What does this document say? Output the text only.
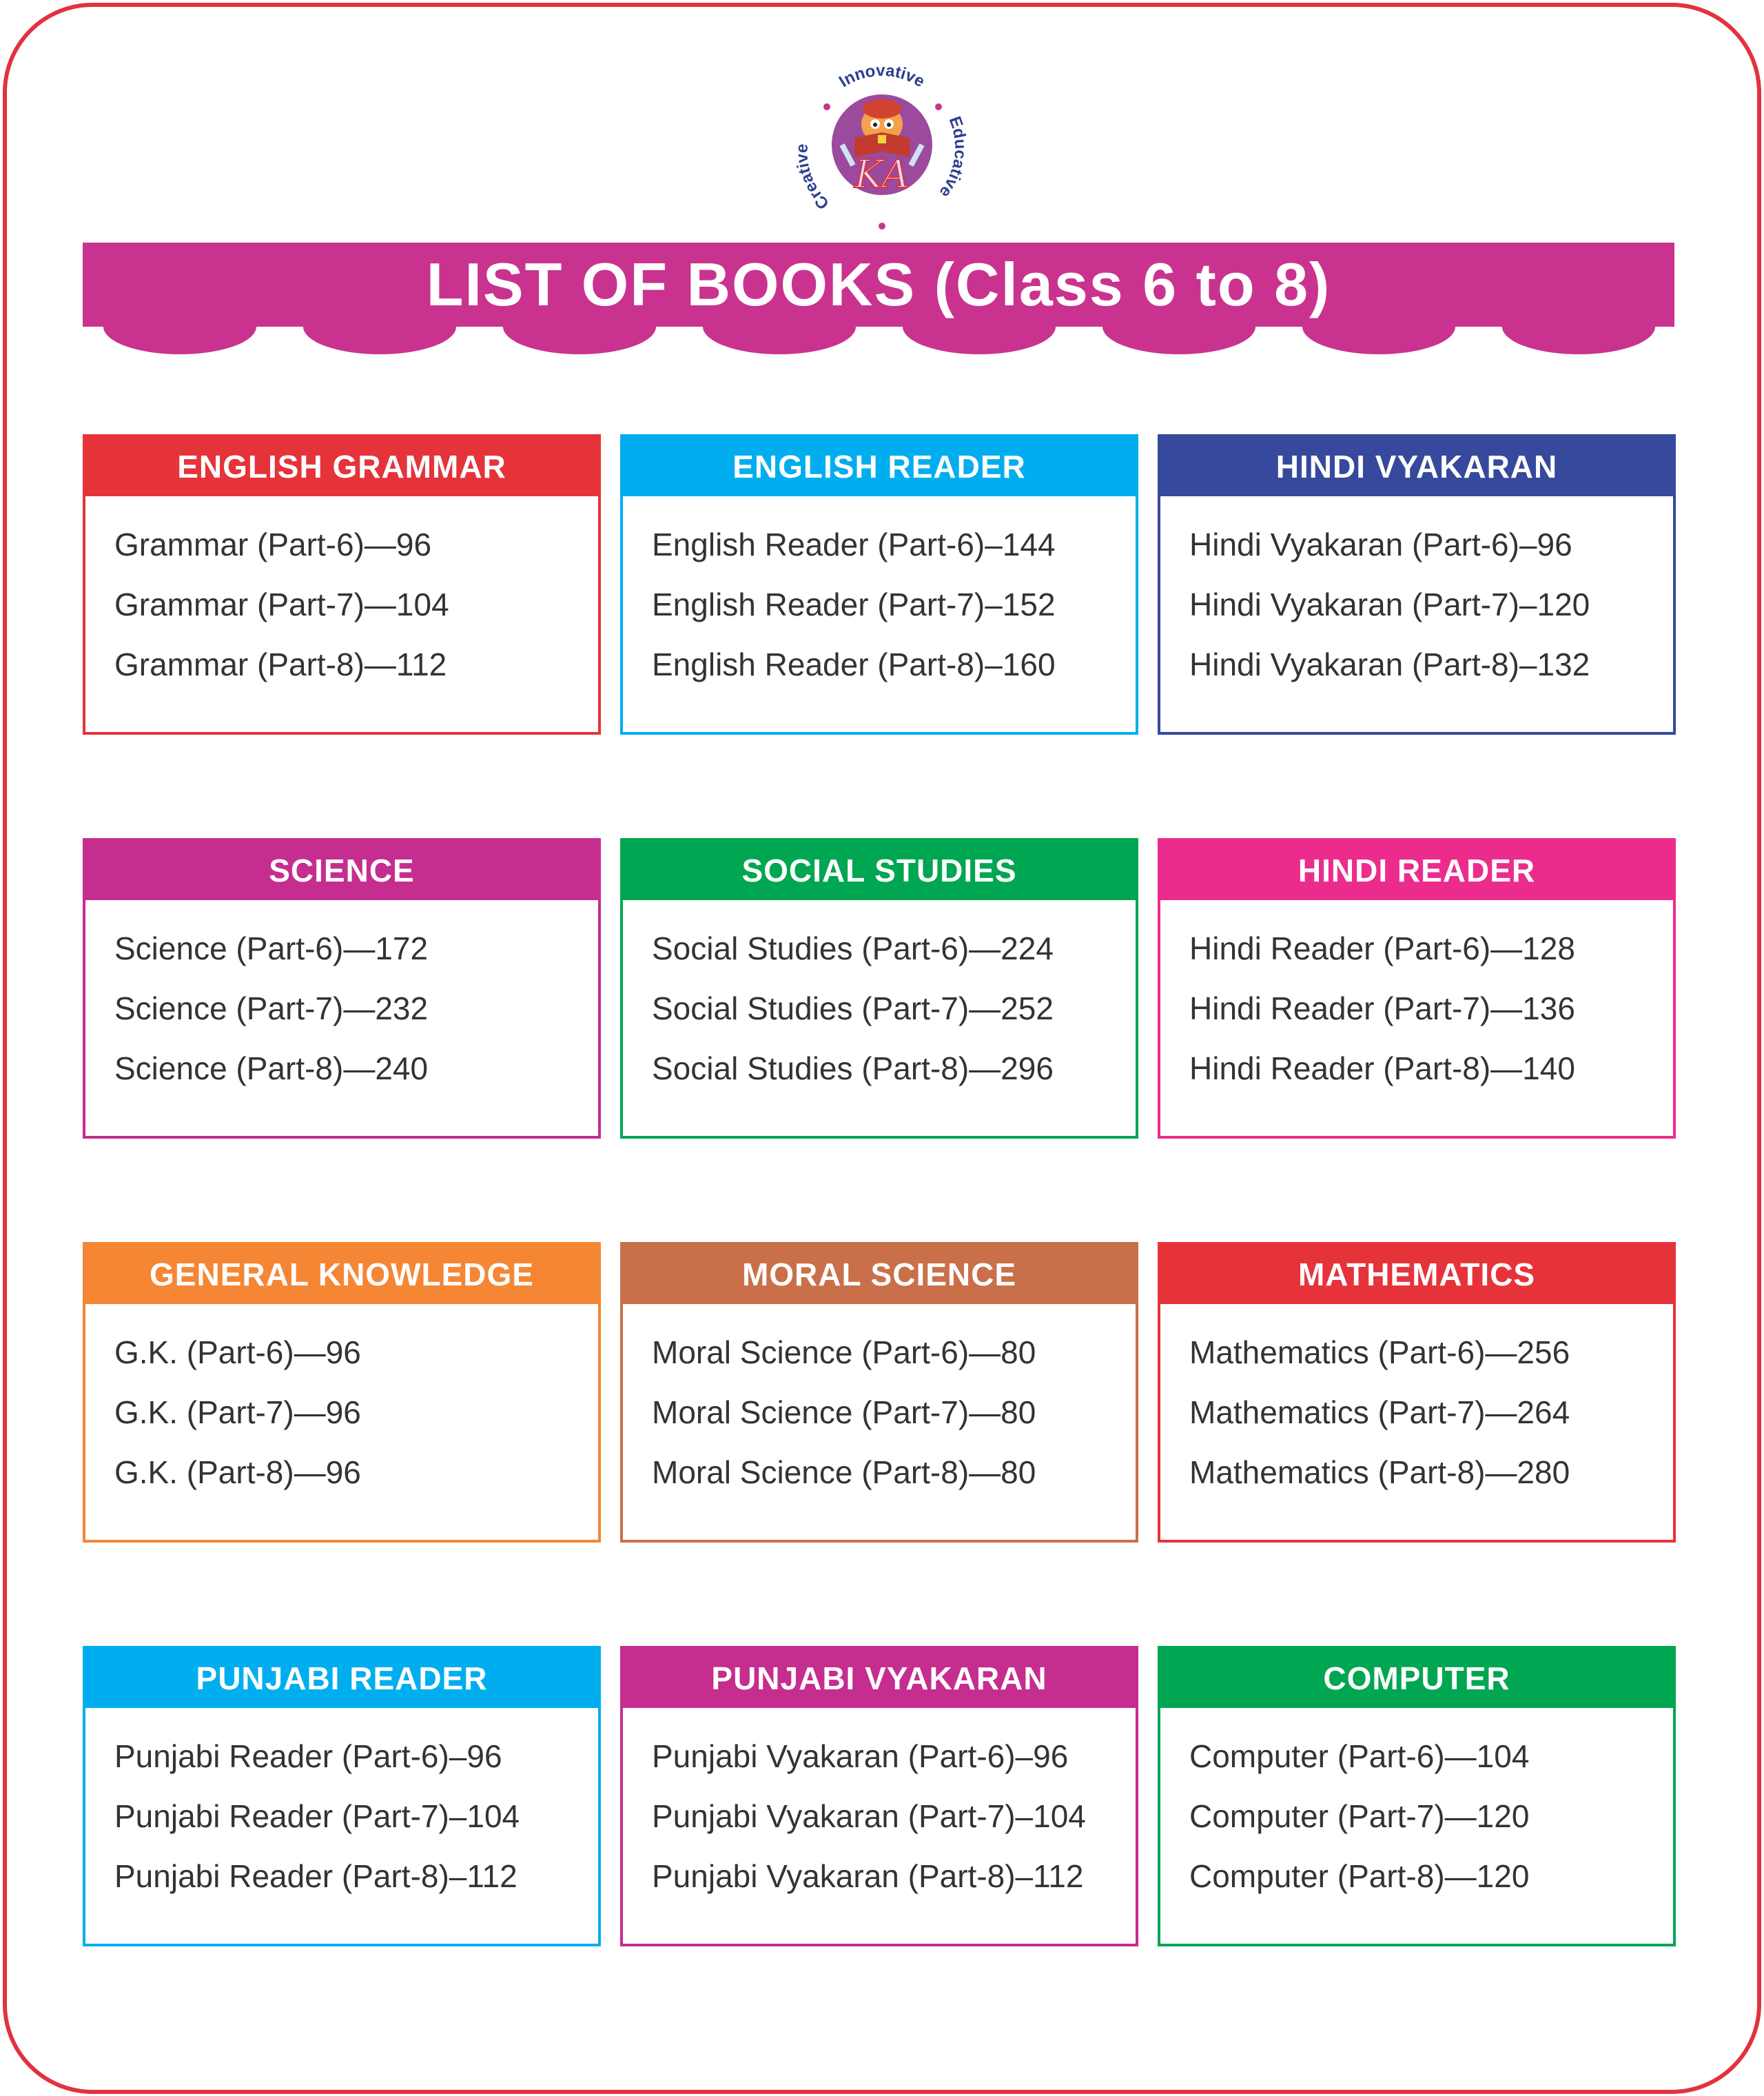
KA
Innovative
Educative
Creative
LIST OF BOOKS (Class 6 to 8)
ENGLISH GRAMMAR
Grammar (Part-6)—96
Grammar (Part-7)—104
Grammar (Part-8)—112
ENGLISH READER
English Reader (Part-6)–144
English Reader (Part-7)–152
English Reader (Part-8)–160
HINDI VYAKARAN
Hindi Vyakaran (Part-6)–96
Hindi Vyakaran (Part-7)–120
Hindi Vyakaran (Part-8)–132
SCIENCE
Science (Part-6)—172
Science (Part-7)—232
Science (Part-8)—240
SOCIAL STUDIES
Social Studies (Part-6)—224
Social Studies (Part-7)—252
Social Studies (Part-8)—296
HINDI READER
Hindi Reader (Part-6)—128
Hindi Reader (Part-7)—136
Hindi Reader (Part-8)—140
GENERAL KNOWLEDGE
G.K. (Part-6)—96
G.K. (Part-7)—96
G.K. (Part-8)—96
MORAL SCIENCE
Moral Science (Part-6)—80
Moral Science (Part-7)—80
Moral Science (Part-8)—80
MATHEMATICS
Mathematics (Part-6)—256
Mathematics (Part-7)—264
Mathematics (Part-8)—280
PUNJABI READER
Punjabi Reader (Part-6)–96
Punjabi Reader (Part-7)–104
Punjabi Reader (Part-8)–112
PUNJABI VYAKARAN
Punjabi Vyakaran (Part-6)–96
Punjabi Vyakaran (Part-7)–104
Punjabi Vyakaran (Part-8)–112
COMPUTER
Computer (Part-6)—104
Computer (Part-7)—120
Computer (Part-8)—120
